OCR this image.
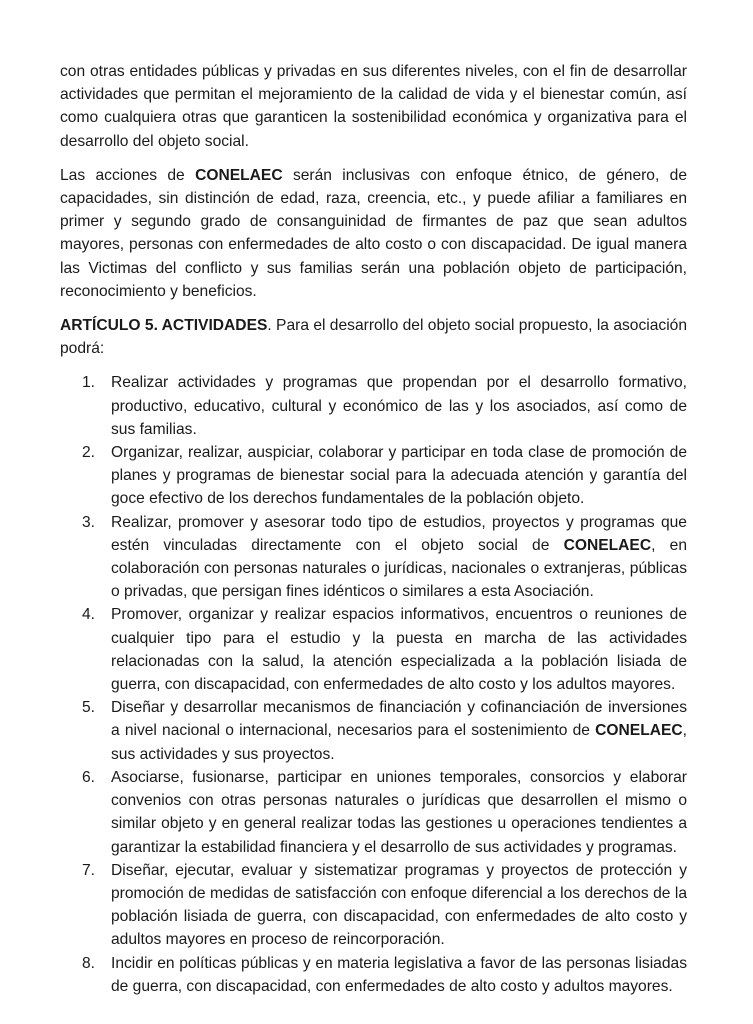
con otras entidades públicas y privadas en sus diferentes niveles, con el fin de desarrollar actividades que permitan el mejoramiento de la calidad de vida y el bienestar común, así como cualquiera otras que garanticen la sostenibilidad económica y organizativa para el desarrollo del objeto social.

Las acciones de CONELAEC serán inclusivas con enfoque étnico, de género, de capacidades, sin distinción de edad, raza, creencia, etc., y puede afiliar a familiares en primer y segundo grado de consanguinidad de firmantes de paz que sean adultos mayores, personas con enfermedades de alto costo o con discapacidad. De igual manera las Victimas del conflicto y sus familias serán una población objeto de participación, reconocimiento y beneficios.

ARTÍCULO 5. ACTIVIDADES. Para el desarrollo del objeto social propuesto, la asociación podrá:

1. Realizar actividades y programas que propendan por el desarrollo formativo, productivo, educativo, cultural y económico de las y los asociados, así como de sus familias.
2. Organizar, realizar, auspiciar, colaborar y participar en toda clase de promoción de planes y programas de bienestar social para la adecuada atención y garantía del goce efectivo de los derechos fundamentales de la población objeto.
3. Realizar, promover y asesorar todo tipo de estudios, proyectos y programas que estén vinculadas directamente con el objeto social de CONELAEC, en colaboración con personas naturales o jurídicas, nacionales o extranjeras, públicas o privadas, que persigan fines idénticos o similares a esta Asociación.
4. Promover, organizar y realizar espacios informativos, encuentros o reuniones de cualquier tipo para el estudio y la puesta en marcha de las actividades relacionadas con la salud, la atención especializada a la población lisiada de guerra, con discapacidad, con enfermedades de alto costo y los adultos mayores.
5. Diseñar y desarrollar mecanismos de financiación y cofinanciación de inversiones a nivel nacional o internacional, necesarios para el sostenimiento de CONELAEC, sus actividades y sus proyectos.
6. Asociarse, fusionarse, participar en uniones temporales, consorcios y elaborar convenios con otras personas naturales o jurídicas que desarrollen el mismo o similar objeto y en general realizar todas las gestiones u operaciones tendientes a garantizar la estabilidad financiera y el desarrollo de sus actividades y programas.
7. Diseñar, ejecutar, evaluar y sistematizar programas y proyectos de protección y promoción de medidas de satisfacción con enfoque diferencial a los derechos de la población lisiada de guerra, con discapacidad, con enfermedades de alto costo y adultos mayores en proceso de reincorporación.
8. Incidir en políticas públicas y en materia legislativa a favor de las personas lisiadas de guerra, con discapacidad, con enfermedades de alto costo y adultos mayores.
